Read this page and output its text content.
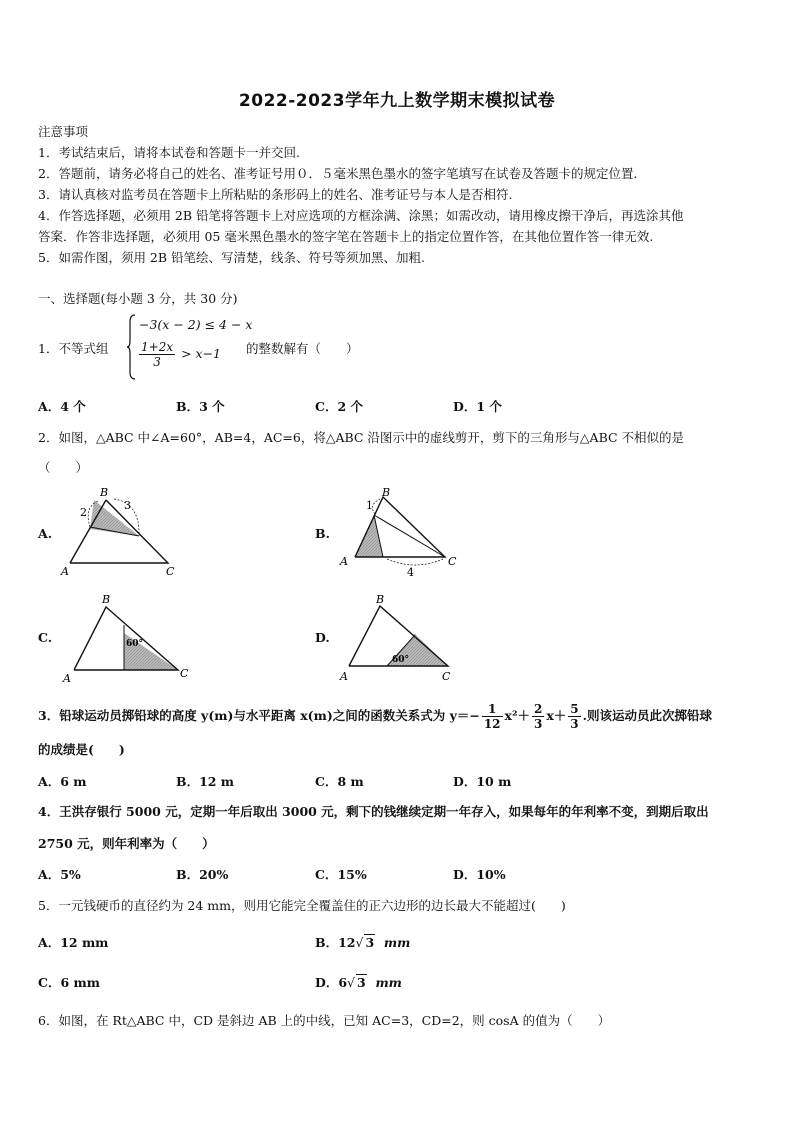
2022-2023学年九上数学期末模拟试卷
注意事项
1．考试结束后，请将本试卷和答题卡一并交回.
2．答题前，请务必将自己的姓名、准考证号用０．５毫米黑色墨水的签字笔填写在试卷及答题卡的规定位置.
3．请认真核对监考员在答题卡上所粘贴的条形码上的姓名、准考证号与本人是否相符.
4．作答选择题，必须用 2B 铅笔将答题卡上对应选项的方框涂满、涂黑；如需改动，请用橡皮擦干净后，再选涂其他
答案．作答非选择题，必须用 05 毫米黑色墨水的签字笔在答题卡上的指定位置作答，在其他位置作答一律无效.
5．如需作图，须用 2B 铅笔绘、写清楚，线条、符号等须加黑、加粗.
一、选择题(每小题 3 分，共 30 分)
1．不等式组
−3(x − 2) ≤ 4 − x
$\frac{1+2x}{3} > x-1$ 的整数解有（　　）
A．4 个	B．3 个	C．2 个	D．1 个
2．如图，△ABC 中∠A=60°，AB=4，AC=6，将△ABC 沿图示中的虚线剪开，剪下的三角形与△ABC 不相似的是
（　　）
A.	B.
C.	D.
B
2
3
A	C
B
1
A
4
C
B
60°
A	C
B
60°
A	C
3．铅球运动员掷铅球的高度 y(m)与水平距离 x(m)之间的函数关系式为 $y=- \frac{1}{12} x^2+ \frac{2}{3} x+ \frac{5}{3}$ .则该运动员此次掷铅球
的成绩是(　　)
A．6 m	B．12 m	C．8 m	D．10 m
4．王洪存银行 5000 元，定期一年后取出 3000 元，剩下的钱继续定期一年存入，如果每年的年利率不变，到期后取出
2750 元，则年利率为（　　）
A．5%	B．20%	C．15%	D．10%
5．一元钱硬币的直径约为 24 mm，则用它能完全覆盖住的正六边形的边长最大不能超过(　　)
A．12 mm	B．12√ 3 mm
C．6 mm	D．6√ 3 mm
6．如图，在 Rt△ABC 中，CD 是斜边 AB 上的中线，已知 AC=3，CD=2，则 cosA 的值为（　　）
